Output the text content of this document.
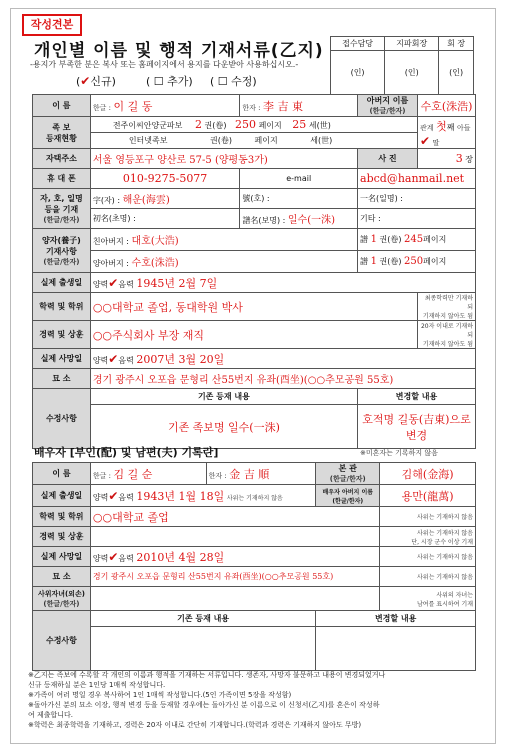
작성견본
개인별 이름 및 행적 기재서류(乙지)
-용지가 부족한 분은 복사 또는 홈페이지에서 용지를 다운받아 사용하십시오.-
(✔신규)	( ☐ 추가) ( ☐ 수정)
접수담당	지파회장	회 장
(인)	(인)	(인)
이 름	한글 : 이 길 동	한자 : 李 吉 東	아버지 이름
(한글/한자)	수호(洙浩)
족 보
등재현황	전주이씨안양군파보 2 권(卷) 250 페이지 25 세(世)			관계 첫째 아들✔ 딸
	인터넷족보 권(卷) 페이지 세(世)			
자택주소	서울 영등포구 양산로 57-5 (양평동3가)		사 진	3 장
휴 대 폰	010-9275-5077	e-mail	abcd@hanmail.net	
자, 호, 일명
등을 기재
(한글/한자)	字(자) : 해운(海雲)	號(호) :	一名(일명) :	
	初名(초명) :	譜名(보명) : 일수(一洙)	기타 :	
양자(養子)
기재사항
(한글/한자)	친아버지 : 대호(大浩)		譜 1 권(卷) 245페이지	
	양아버지 : 수호(洙浩)		譜 1 권(卷) 250페이지	
실제 출생일	양력✔음력 1945년 2월 7일			
학력 및 학위	○○대학교 졸업, 동대학원 박사			최종학력만 기재하되
기재하지 않아도 됨
경력 및 상훈	○○주식회사 부장 재직			20자 이내로 기재하되
기재하지 않아도 됨
실제 사망일	양력✔음력 2007년 3월 20일			
묘 소	경기 광주시 오포읍 문형리 산55번지 유좌(酉坐)(○○추모공원 55호)			
수정사항	기존 등재 내용		변경할 내용	
	기존 족보명 일수(一洙)		호적명 길동(吉東)으로 변경	
배우자 [부인(配) 및 남편(夫) 기록란]	※미혼자는 기록하지 않음
이 름	한글 : 김 길 순	한자 : 金 吉 順	본 관
(한글/한자)	김해(金海)
실제 출생일	양력✔음력 1943년 1월 18일 사위는 기재하지 않음		배우자 아버지 이름
(한글/한자)	용만(龍萬)
학력 및 학위	○○대학교 졸업			사위는 기재하지 않음
경력 및 상훈				사위는 기재하지 않음
단, 시장 군수 이상 기재
실제 사망일	양력✔음력 2010년 4월 28일			사위는 기재하지 않음
묘 소	경기 광주시 오포읍 문형리 산55번지 유좌(酉坐)(○○추모공원 55호)			사위는 기재하지 않음
사위자녀(외손)
(한글/한자)				사위의 자녀는
남여를 표시하여 기재
수정사항	기존 등재 내용		변경할 내용	

※乙지는 족보에 수록할 각 개인의 이름과 행적을 기재하는 서류입니다. 생존자, 사망자 불문하고 내용이 변경되었거나
신규 등재하실 분은 1인당 1매씩 작성합니다.
※가족이 여러 명일 경우 복사하여 1인 1매씩 작성합니다.(5인 가족이면 5장을 작성함)
※돌아가신 분의 묘소 이장, 행적 변경 등을 등재할 경우에는 돌아가신 분 이름으로 이 신청서(乙지)를 혼은이 작성하
여 제출합니다.
※학력은 최종학력을 기재하고, 경력은 20자 이내로 간단히 기재합니다.(학력과 경력은 기재하지 않아도 무방)
